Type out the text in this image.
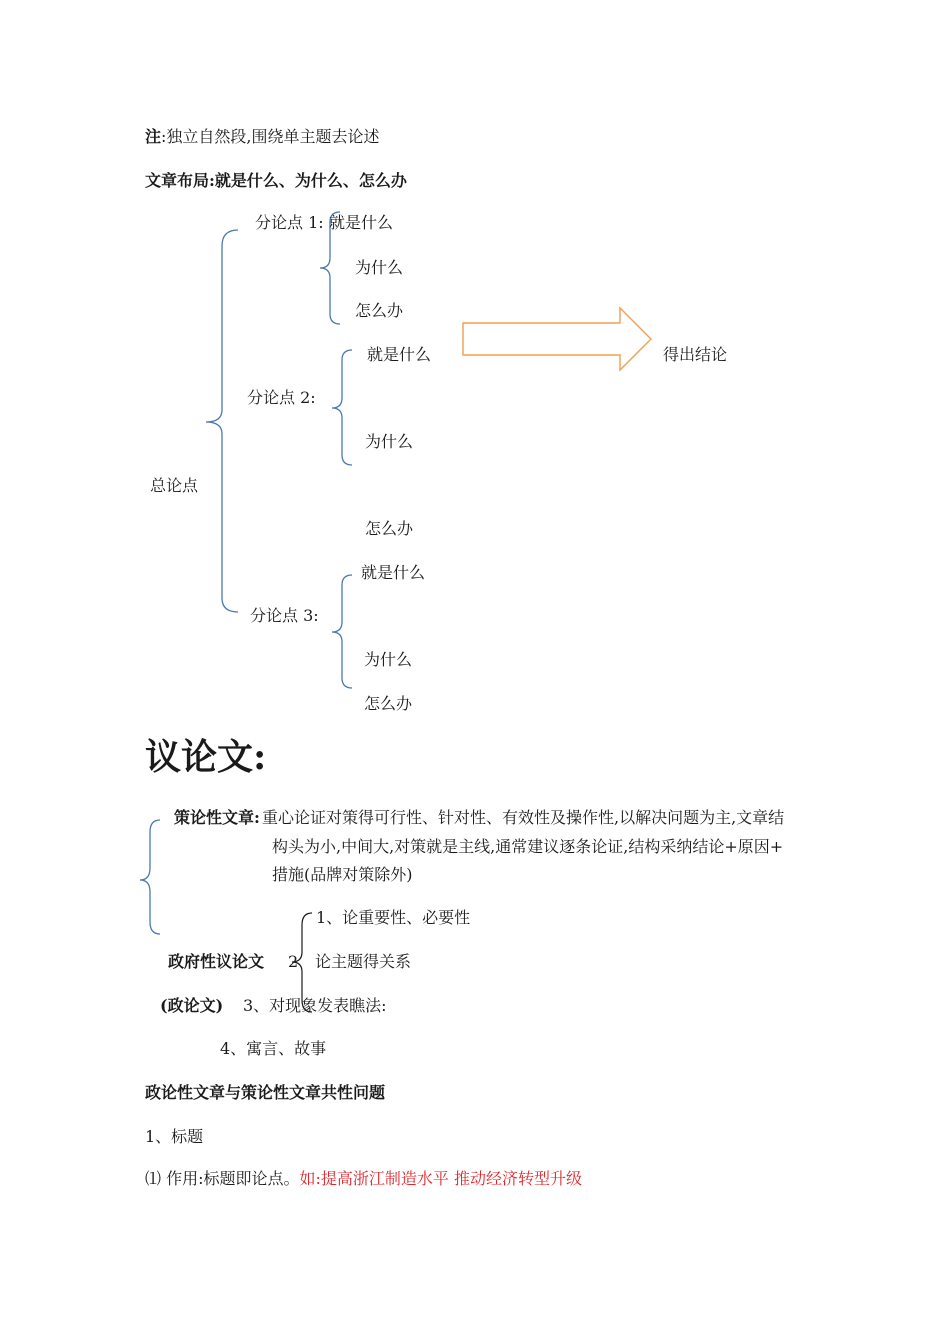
注:独立自然段,围绕单主题去论述
文章布局:就是什么、为什么、怎么办
总论点
分论点 1: 就是什么
为什么
怎么办
分论点 2:
就是什么
为什么
怎么办
分论点 3:
就是什么
为什么
怎么办
得出结论
议论文:
策论性文章: 重心论证对策得可行性、针对性、有效性及操作性,以解决问题为主,文章结
构头为小,中间大,对策就是主线,通常建议逐条论证,结构采纳结论+原因+
措施(品牌对策除外)
1、论重要性、必要性
政府性议论文 2 论主题得关系
(政论文) 3、对现象发表瞧法:
4、寓言、故事
政论性文章与策论性文章共性问题
1、标题
⑴ 作用:标题即论点。如:提高浙江制造水平 推动经济转型升级
